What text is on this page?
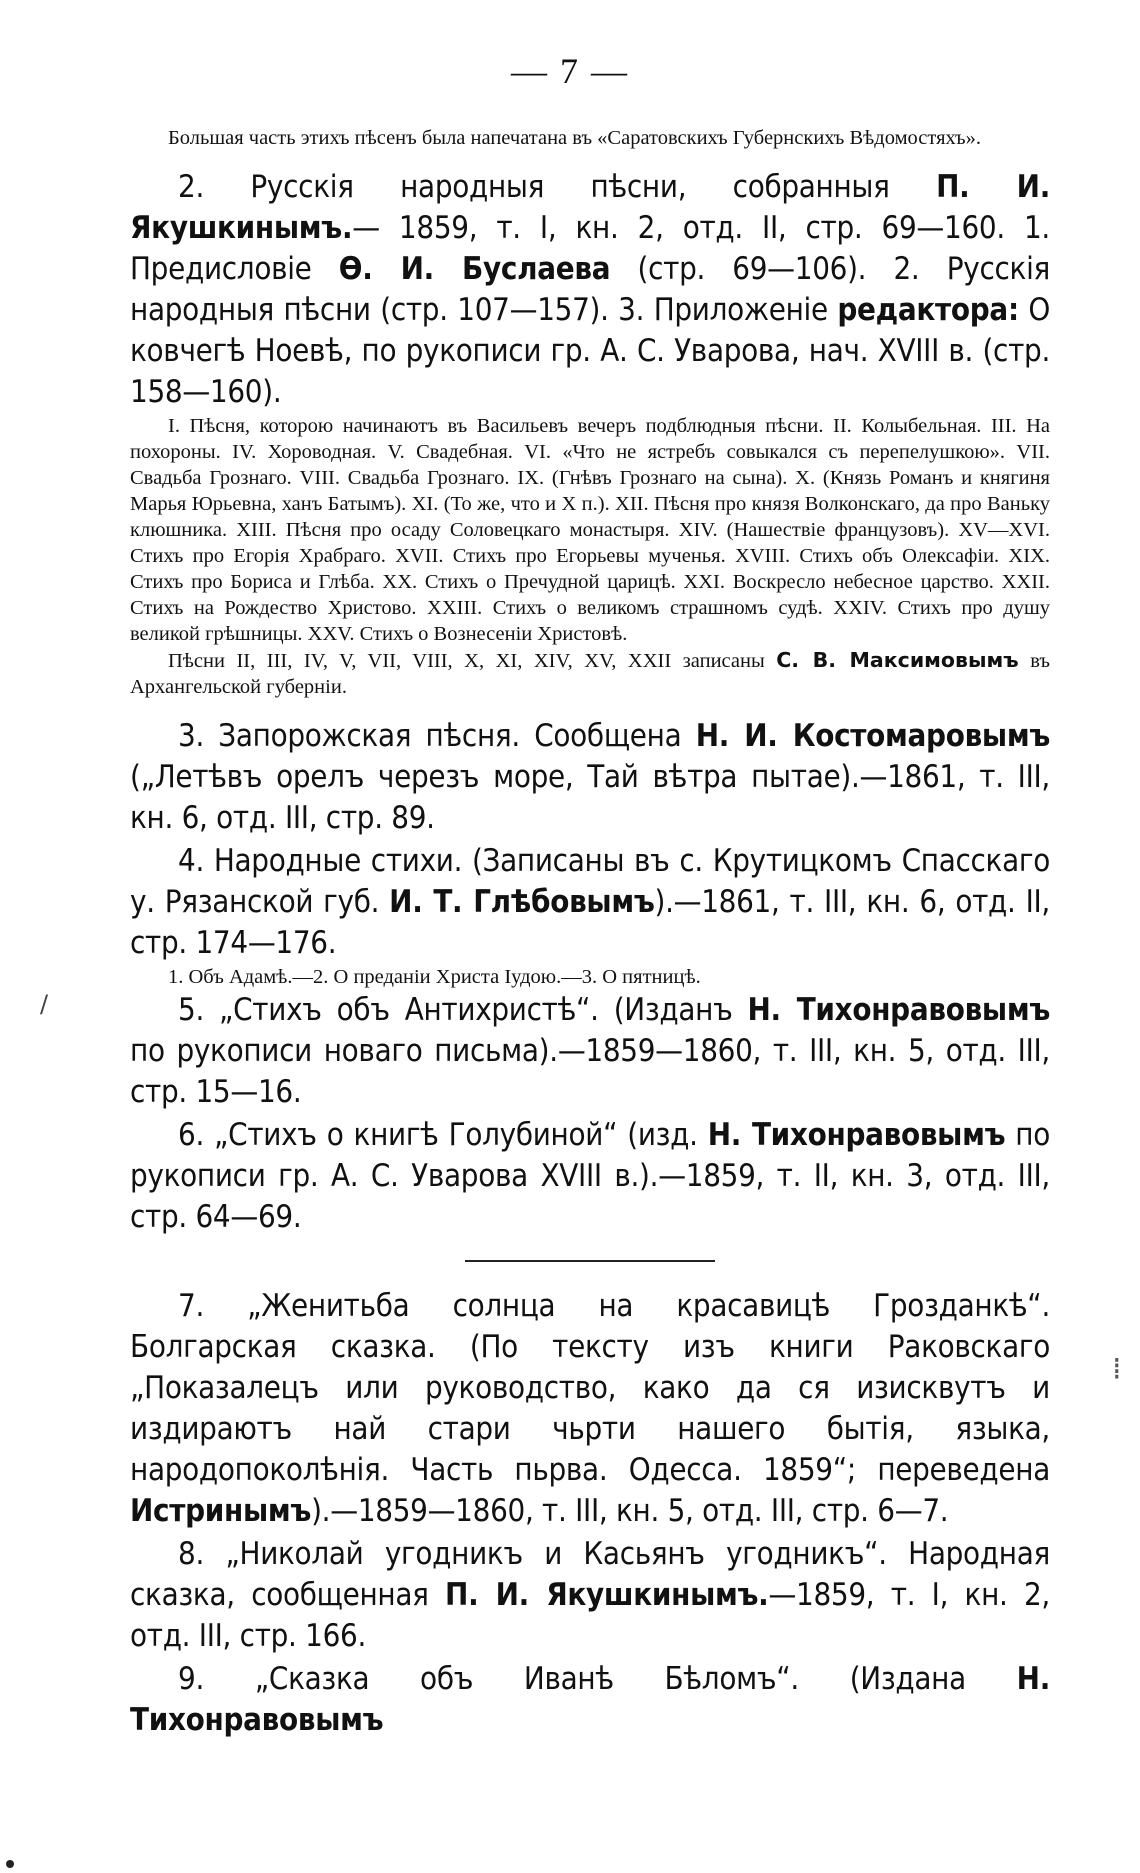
— 7 —

Большая часть этихъ пѣсенъ была напечатана въ «Саратовскихъ Губернскихъ Вѣдомостяхъ».

2. Русскія народныя пѣсни, собранныя П. И. Якушкинымъ.— 1859, т. I, кн. 2, отд. II, стр. 69—160. 1. Предисловіе Ѳ. И. Буслаева (стр. 69—106). 2. Русскія народныя пѣсни (стр. 107—157). 3. Приложеніе редактора: О ковчегѣ Ноевѣ, по рукописи гр. А. С. Уварова, нач. XVIII в. (стр. 158—160).

I. Пѣсня, которою начинаютъ въ Васильевъ вечеръ подблюдныя пѣсни. II. Колыбельная. III. На похороны. IV. Хороводная. V. Свадебная. VI. «Что не ястребъ совыкался съ перепелушкою». VII. Свадьба Грознаго. VIII. Свадьба Грознаго. IX. (Гнѣвъ Грознаго на сына). X. (Князь Романъ и княгиня Марья Юрьевна, ханъ Батымъ). XI. (То же, что и X п.). XII. Пѣсня про князя Волконскаго, да про Ваньку клюшника. XIII. Пѣсня про осаду Соловецкаго монастыря. XIV. (Нашествіе французовъ). XV—XVI. Стихъ про Егорія Храбраго. XVII. Стихъ про Егорьевы мученья. XVIII. Стихъ объ Олексафіи. XIX. Стихъ про Бориса и Глѣба. XX. Стихъ о Пречудной царицѣ. XXI. Воскресло небесное царство. XXII. Стихъ на Рождество Христово. XXIII. Стихъ о великомъ страшномъ судѣ. XXIV. Стихъ про душу великой грѣшницы. XXV. Стихъ о Вознесеніи Христовѣ.

Пѣсни II, III, IV, V, VII, VIII, X, XI, XIV, XV, XXII записаны С. В. Максимовымъ въ Архангельской губерніи.

3. Запорожская пѣсня. Сообщена Н. И. Костомаровымъ („Летѣвъ орелъ черезъ море, Тай вѣтра пытае).—1861, т. III, кн. 6, отд. III, стр. 89.

4. Народные стихи. (Записаны въ с. Крутицкомъ Спасскаго у. Рязанской губ. И. Т. Глѣбовымъ).—1861, т. III, кн. 6, отд. II, стр. 174—176.

1. Объ Адамѣ.—2. О преданіи Христа Іудою.—3. О пятницѣ.

5. „Стихъ объ Антихристѣ“. (Изданъ Н. Тихонравовымъ по рукописи новаго письма).—1859—1860, т. III, кн. 5, отд. III, стр. 15—16.

6. „Стихъ о книгѣ Голубиной“ (изд. Н. Тихонравовымъ по рукописи гр. А. С. Уварова XVIII в.).—1859, т. II, кн. 3, отд. III, стр. 64—69.

7. „Женитьба солнца на красавицѣ Грозданкѣ“. Болгарская сказка. (По тексту изъ книги Раковскаго „Показалецъ или руководство, како да ся изисквутъ и издираютъ най стари чьрти нашего бытія, языка, народопоколѣнія. Часть пьрва. Одесса. 1859“; переведена Истринымъ).—1859—1860, т. III, кн. 5, отд. III, стр. 6—7.

8. „Николай угодникъ и Касьянъ угодникъ“. Народная сказка, сообщенная П. И. Якушкинымъ.—1859, т. I, кн. 2, отд. III, стр. 166.

9. „Сказка объ Иванѣ Бѣломъ“. (Издана Н. Тихонравовымъ

⁞
/
